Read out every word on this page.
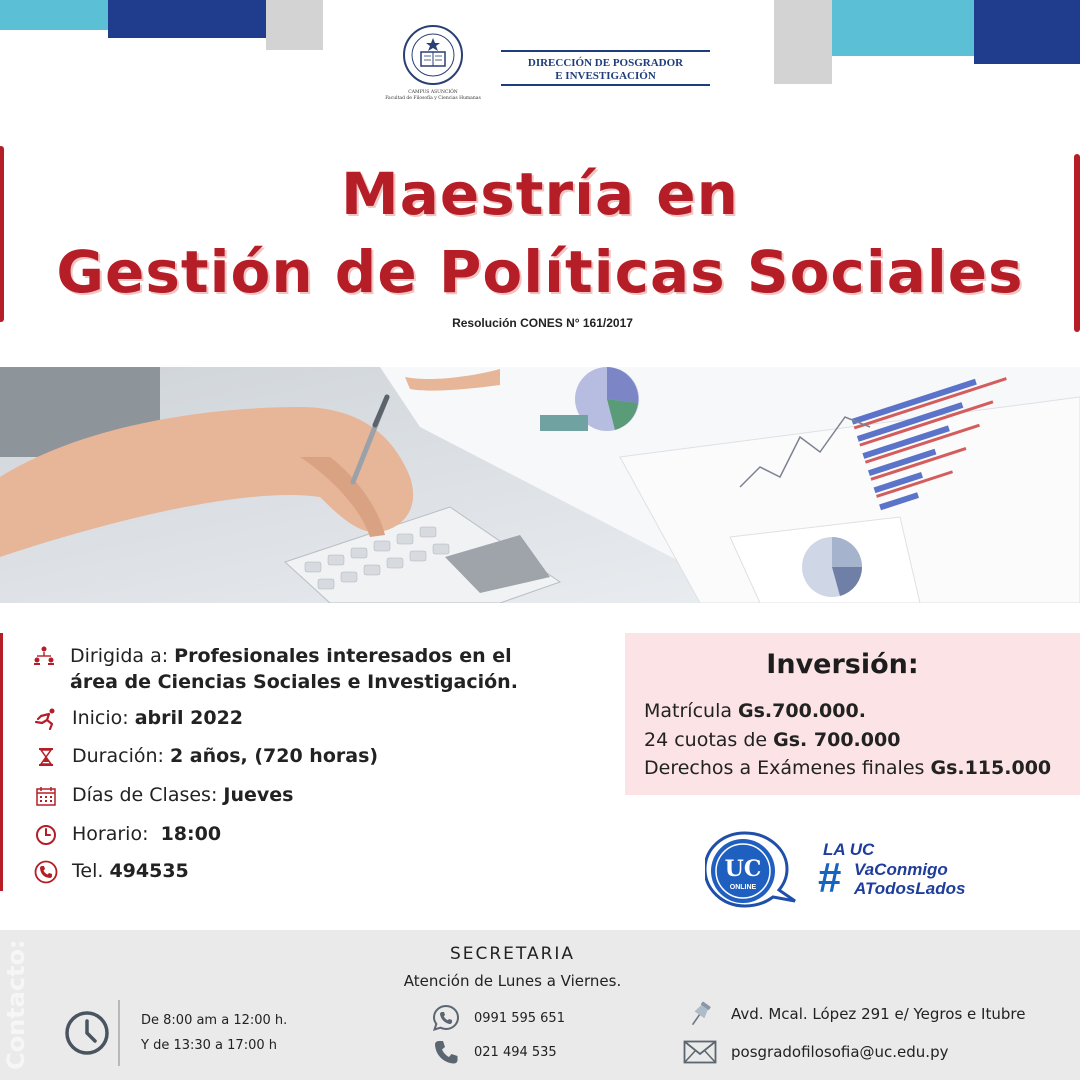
CAMPUS ASUNCIÓN
Facultad de Filosofía y Ciencias Humanas
DIRECCIÓN DE POSGRADOR
E INVESTIGACIÓN
Maestría en
Gestión de Políticas Sociales
Resolución CONES N° 161/2017
Dirigida a: Profesionales interesados en el
área de Ciencias Sociales e Investigación.
Inicio: abril 2022
Duración: 2 años, (720 horas)
Días de Clases: Jueves
Horario:  18:00
Tel. 494535
Inversión:
Matrícula Gs.700.000.
24 cuotas de Gs. 700.000
Derechos a Exámenes finales Gs.115.000
UC
ONLINE
LA UC
# VaConmigo
ATodosLados
Contacto:	SECRETARIA
Atención de Lunes a Viernes.
De 8:00 am a 12:00 h.
Y de 13:30 a 17:00 h
0991 595 651
021 494 535
Avd. Mcal. López 291 e/ Yegros e Itubre
posgradofilosofia@uc.edu.py
